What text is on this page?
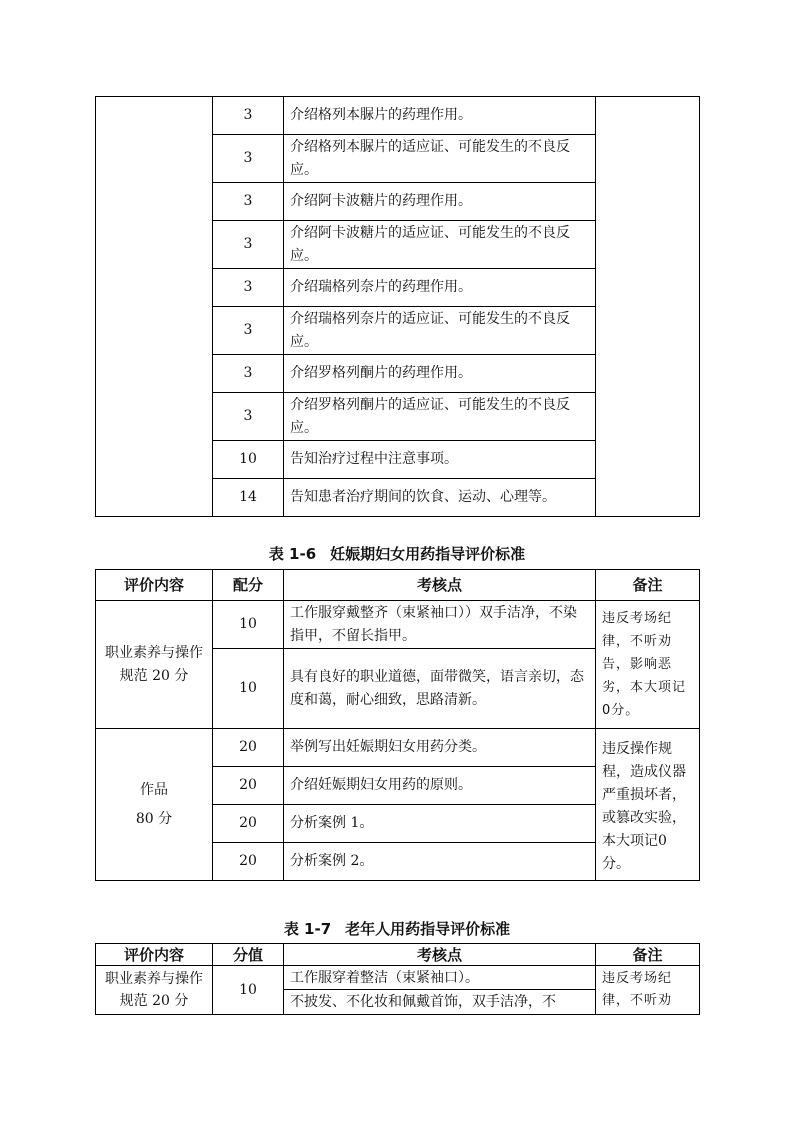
	3	介绍格列本脲片的药理作用。	
	3	介绍格列本脲片的适应证、可能发生的不良反应。	
	3	介绍阿卡波糖片的药理作用。	
	3	介绍阿卡波糖片的适应证、可能发生的不良反应。	
	3	介绍瑞格列奈片的药理作用。	
	3	介绍瑞格列奈片的适应证、可能发生的不良反应。	
	3	介绍罗格列酮片的药理作用。	
	3	介绍罗格列酮片的适应证、可能发生的不良反应。	
	10	告知治疗过程中注意事项。	
	14	告知患者治疗期间的饮食、运动、心理等。	
表 1-6 妊娠期妇女用药指导评价标准
评价内容	配分	考核点	备注
职业素养与操作规范 20 分	10	工作服穿戴整齐（束紧袖口））双手洁净，不染指甲，不留长指甲。	违反考场纪律，不听劝告，影响恶劣，本大项记0分。
	10	具有良好的职业道德，面带微笑，语言亲切，态度和蔼，耐心细致，思路清新。	

作品
80 分	20	举例写出妊娠期妇女用药分类。	违反操作规程，造成仪器严重损坏者，或篡改实验，本大项记0分。
	20	介绍妊娠期妇女用药的原则。	
	20	分析案例 1。	
	20	分析案例 2。	
表 1-7 老年人用药指导评价标准
评价内容	分值	考核点	备注
职业素养与操作规范 20 分	10	工作服穿着整洁（束紧袖口）。	违反考场纪律，不听劝
		不披发、不化妆和佩戴首饰，双手洁净，不	
